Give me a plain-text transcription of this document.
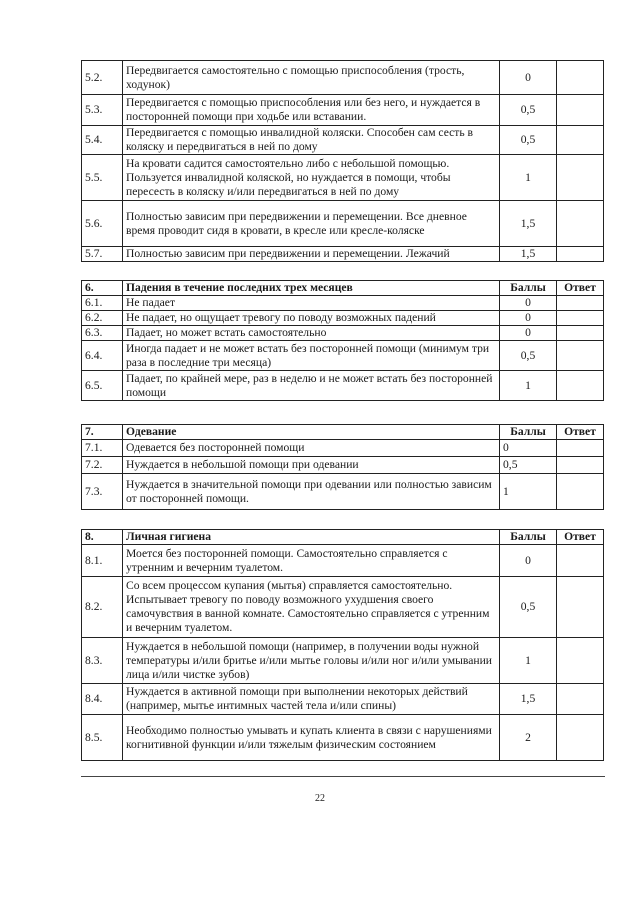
5.2.	Передвигается самостоятельно с помощью приспособления (трость, ходунок)	0	
5.3.	Передвигается с помощью приспособления или без него, и нуждается в посторонней помощи при ходьбе или вставании.	0,5	
5.4.	Передвигается с помощью инвалидной коляски. Способен сам сесть в коляску и передвигаться в ней по дому	0,5	
5.5.	На кровати садится самостоятельно либо с небольшой помощью. Пользуется инвалидной коляской, но нуждается в помощи, чтобы пересесть в коляску и/или передвигаться в ней по дому	1	
5.6.	Полностью зависим при передвижении и перемещении. Все дневное время проводит сидя в кровати, в кресле или кресле-коляске	1,5	
5.7.	Полностью зависим при передвижении и перемещении. Лежачий	1,5	
6.	Падения в течение последних трех месяцев	Баллы	Ответ
6.1.	Не падает	0	
6.2.	Не падает, но ощущает тревогу по поводу возможных падений	0	
6.3.	Падает, но может встать самостоятельно	0	
6.4.	Иногда падает и не может встать без посторонней помощи (минимум три раза в последние три месяца)	0,5	
6.5.	Падает, по крайней мере, раз в неделю и не может встать без посторонней помощи	1	
7.	Одевание	Баллы	Ответ
7.1.	Одевается без посторонней помощи	0	
7.2.	Нуждается в небольшой помощи при одевании	0,5	
7.3.	Нуждается в значительной помощи при одевании или полностью зависим от посторонней помощи.	1	
8.	Личная гигиена	Баллы	Ответ
8.1.	Моется без посторонней помощи. Самостоятельно справляется с утренним и вечерним туалетом.	0	
8.2.	Со всем процессом купания (мытья) справляется самостоятельно. Испытывает тревогу по поводу возможного ухудшения своего самочувствия в ванной комнате. Самостоятельно справляется с утренним и вечерним туалетом.	0,5	
8.3.	Нуждается в небольшой помощи (например, в получении воды нужной температуры и/или бритье и/или мытье головы и/или ног и/или умывании лица и/или чистке зубов)	1	
8.4.	Нуждается в активной помощи при выполнении некоторых действий (например, мытье интимных частей тела и/или спины)	1,5	
8.5.	Необходимо полностью умывать и купать клиента в связи с нарушениями когнитивной функции и/или тяжелым физическим состоянием	2	
22
